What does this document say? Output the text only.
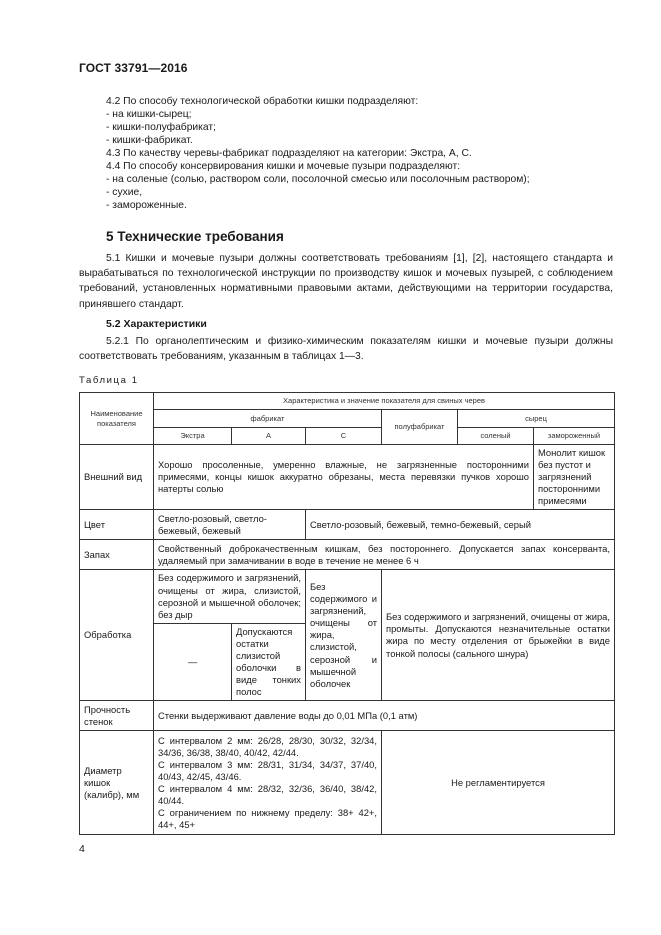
ГОСТ 33791—2016

4.2 По способу технологической обработки кишки подразделяют:

- на кишки-сырец;

- кишки-полуфабрикат;

- кишки-фабрикат.

4.3 По качеству черевы-фабрикат подразделяют на категории: Экстра, А, С.

4.4 По способу консервирования кишки и мочевые пузыри подразделяют:

- на соленые (солью, раствором соли, посолочной смесью или посолочным раствором);

- сухие,

- замороженные.

5 Технические требования

5.1 Кишки и мочевые пузыри должны соответствовать требованиям [1], [2], настоящего стандарта и вырабатываться по технологической инструкции по производству кишок и мочевых пузырей, с соблюдением требований, установленных нормативными правовыми актами, действующими на территории государства, принявшего стандарт.

5.2 Характеристики

5.2.1 По органолептическим и физико-химическим показателям кишки и мочевые пузыри должны соответствовать требованиям, указанным в таблицах 1—3.

Таблица 1
Наименование показателя	Характеристика и значение показателя для свиных черев					
	фабрикат			полуфабрикат	сырец	
	Экстра	А	С		соленый	замороженный
Внешний вид	Хорошо просоленные, умеренно влажные, не загрязненные посторонними примесями, концы кишок аккуратно обрезаны, места перевязки пучков хорошо натерты солью					Монолит кишок без пустот и загрязнений посторонними примесями
Цвет	Светло-розовый, светло-бежевый, бежевый		Светло-розовый, бежевый, темно-бежевый, серый			
Запах	Свойственный доброкачественным кишкам, без постороннего. Допускается запах консерванта, удаляемый при замачивании в воде в течение не менее 6 ч					
Обработка	Без содержимого и загрязнений, очищены от жира, слизистой, серозной и мышечной оболочек; без дыр		Без содержимого и загрязнений, очищены от жира, слизистой, серозной и мышечной оболочек	Без содержимого и загрязнений, очищены от жира, промыты. Допускаются незначительные остатки жира по месту отделения от брыжейки в виде тонкой полосы (сального шнура)		
	—	Допускаются остатки слизистой оболочки в виде тонких полос				
Прочность стенок	Стенки выдерживают давление воды до 0,01 МПа (0,1 атм)					
Диаметр кишок (калибр), мм	С интервалом 2 мм: 26/28, 28/30, 30/32, 32/34, 34/36, 36/38, 38/40, 40/42, 42/44.
С интервалом 3 мм: 28/31, 31/34, 34/37, 37/40, 40/43, 42/45, 43/46.
С интервалом 4 мм: 28/32, 32/36, 36/40, 38/42, 40/44.
С ограничением по нижнему пределу: 38+ 42+, 44+, 45+			Не регламентируется		
4
